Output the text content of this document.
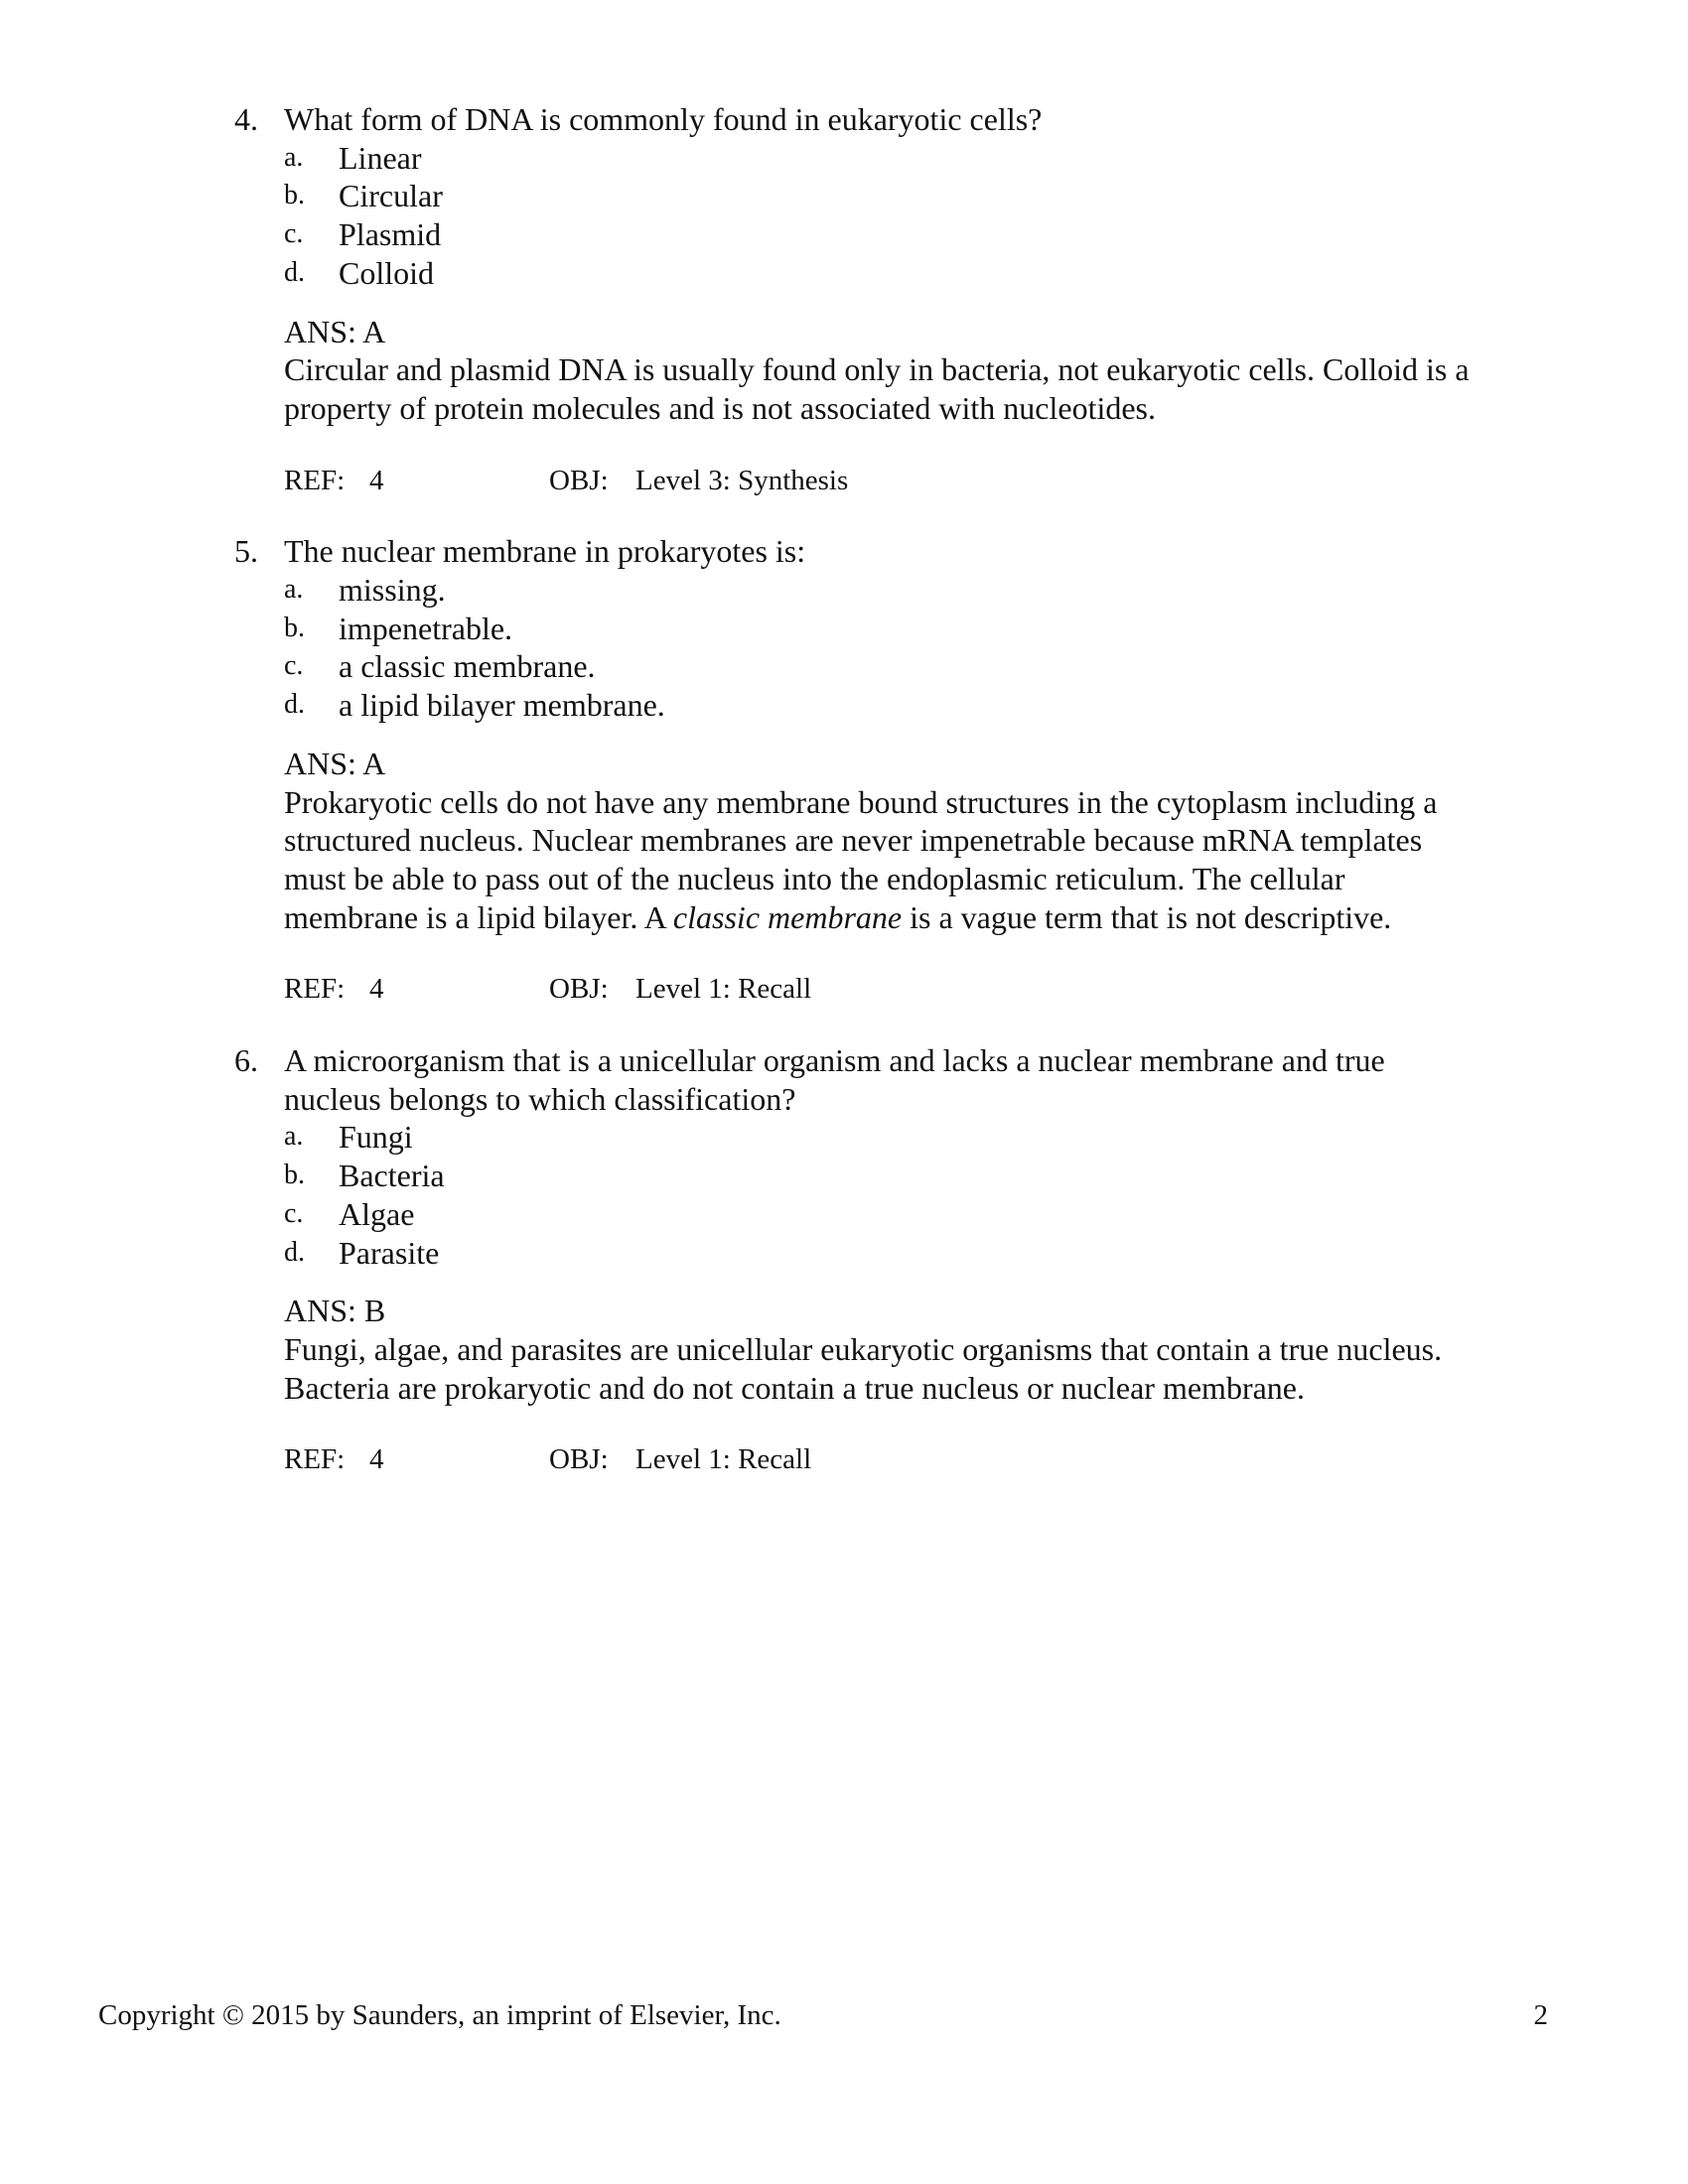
4. What form of DNA is commonly found in eukaryotic cells?
a.	Linear
b.	Circular
c.	Plasmid
d.	Colloid
ANS: A
Circular and plasmid DNA is usually found only in bacteria, not eukaryotic cells. Colloid is a
property of protein molecules and is not associated with nucleotides.
REF: 4	OBJ: Level 3: Synthesis
5. The nuclear membrane in prokaryotes is:
a.	missing.
b.	impenetrable.
c.	a classic membrane.
d.	a lipid bilayer membrane.
ANS: A
Prokaryotic cells do not have any membrane bound structures in the cytoplasm including a
structured nucleus. Nuclear membranes are never impenetrable because mRNA templates
must be able to pass out of the nucleus into the endoplasmic reticulum. The cellular
membrane is a lipid bilayer. A classic membrane is a vague term that is not descriptive.
REF: 4	OBJ: Level 1: Recall
6. A microorganism that is a unicellular organism and lacks a nuclear membrane and true
nucleus belongs to which classification?
a.	Fungi
b.	Bacteria
c.	Algae
d.	Parasite
ANS: B
Fungi, algae, and parasites are unicellular eukaryotic organisms that contain a true nucleus.
Bacteria are prokaryotic and do not contain a true nucleus or nuclear membrane.
REF: 4	OBJ: Level 1: Recall
Copyright © 2015 by Saunders, an imprint of Elsevier, Inc.	2
